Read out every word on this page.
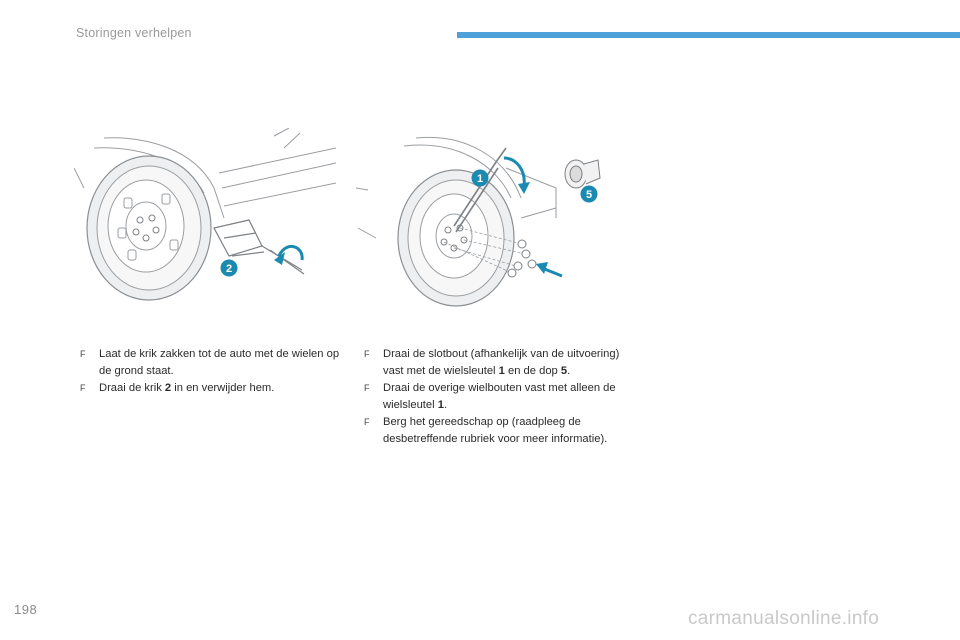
Storingen verhelpen
2
1
5

F Laat de krik zakken tot de auto met de wielen op de grond staat.

F Draai de krik 2 in en verwijder hem.

F Draai de slotbout (afhankelijk van de uitvoering) vast met de wielsleutel 1 en de dop 5.

F Draai de overige wielbouten vast met alleen de wielsleutel 1.

F Berg het gereedschap op (raadpleeg de desbetreffende rubriek voor meer informatie).

198	carmanualsonline.info
